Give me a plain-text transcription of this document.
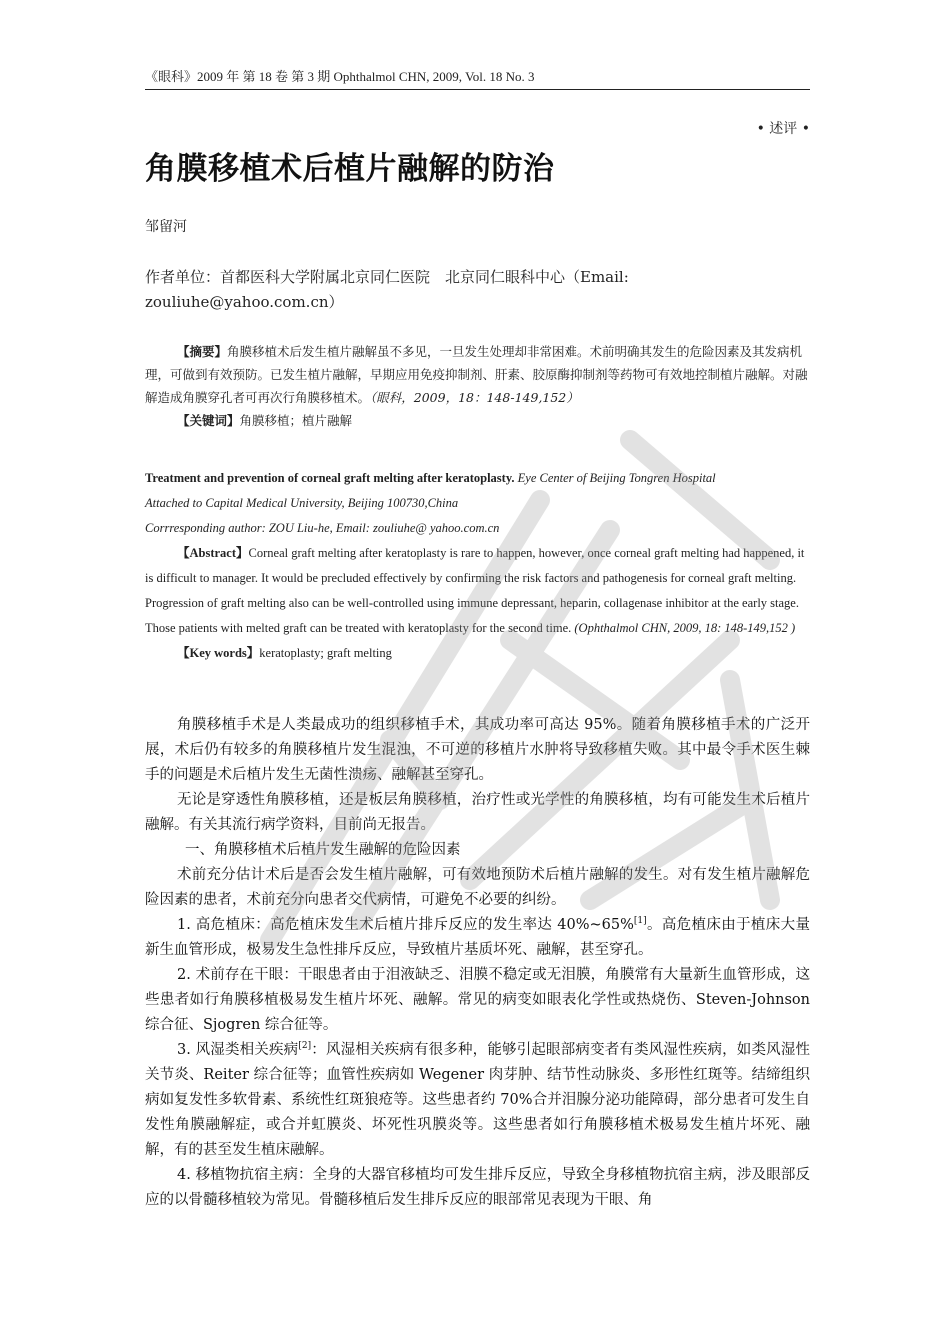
《眼科》2009 年 第 18 卷 第 3 期 Ophthalmol CHN, 2009, Vol. 18 No. 3
• 述评 •
角膜移植术后植片融解的防治
邹留河
作者单位：首都医科大学附属北京同仁医院　北京同仁眼科中心（Email: zouliuhe@yahoo.com.cn）

【摘要】角膜移植术后发生植片融解虽不多见，一旦发生处理却非常困难。术前明确其发生的危险因素及其发病机理，可做到有效预防。已发生植片融解，早期应用免疫抑制剂、肝素、胶原酶抑制剂等药物可有效地控制植片融解。对融解造成角膜穿孔者可再次行角膜移植术。（眼科，2009，18：148-149,152）

【关键词】角膜移植；植片融解

Treatment and prevention of corneal graft melting after keratoplasty. Eye Center of Beijing Tongren Hospital

Attached to Capital Medical University, Beijing 100730,China

Corrresponding author: ZOU Liu-he, Email: zouliuhe@ yahoo.com.cn

【Abstract】Corneal graft melting after keratoplasty is rare to happen, however, once corneal graft melting had happened, it is difficult to manager. It would be precluded effectively by confirming the risk factors and pathogenesis for corneal graft melting. Progression of graft melting also can be well-controlled using immune depressant, heparin, collagenase inhibitor at the early stage. Those patients with melted graft can be treated with keratoplasty for the second time. (Ophthalmol CHN, 2009, 18: 148-149,152 )

【Key words】keratoplasty; graft melting

角膜移植手术是人类最成功的组织移植手术，其成功率可高达 95%。随着角膜移植手术的广泛开展，术后仍有较多的角膜移植片发生混浊，不可逆的移植片水肿将导致移植失败。其中最令手术医生棘手的问题是术后植片发生无菌性溃疡、融解甚至穿孔。

无论是穿透性角膜移植，还是板层角膜移植，治疗性或光学性的角膜移植，均有可能发生术后植片融解。有关其流行病学资料，目前尚无报告。

一、角膜移植术后植片发生融解的危险因素

术前充分估计术后是否会发生植片融解，可有效地预防术后植片融解的发生。对有发生植片融解危险因素的患者，术前充分向患者交代病情，可避免不必要的纠纷。

1. 高危植床：高危植床发生术后植片排斥反应的发生率达 40%~65%[1]。高危植床由于植床大量新生血管形成，极易发生急性排斥反应，导致植片基质坏死、融解，甚至穿孔。

2. 术前存在干眼：干眼患者由于泪液缺乏、泪膜不稳定或无泪膜，角膜常有大量新生血管形成，这些患者如行角膜移植极易发生植片坏死、融解。常见的病变如眼表化学性或热烧伤、Steven-Johnson 综合征、Sjogren 综合征等。

3. 风湿类相关疾病[2]：风湿相关疾病有很多种，能够引起眼部病变者有类风湿性疾病，如类风湿性关节炎、Reiter 综合征等；血管性疾病如 Wegener 肉芽肿、结节性动脉炎、多形性红斑等。结缔组织病如复发性多软骨素、系统性红斑狼疮等。这些患者约 70%合并泪腺分泌功能障碍，部分患者可发生自发性角膜融解症，或合并虹膜炎、坏死性巩膜炎等。这些患者如行角膜移植术极易发生植片坏死、融解，有的甚至发生植床融解。

4. 移植物抗宿主病：全身的大器官移植均可发生排斥反应，导致全身移植物抗宿主病，涉及眼部反应的以骨髓移植较为常见。骨髓移植后发生排斥反应的眼部常见表现为干眼、角
